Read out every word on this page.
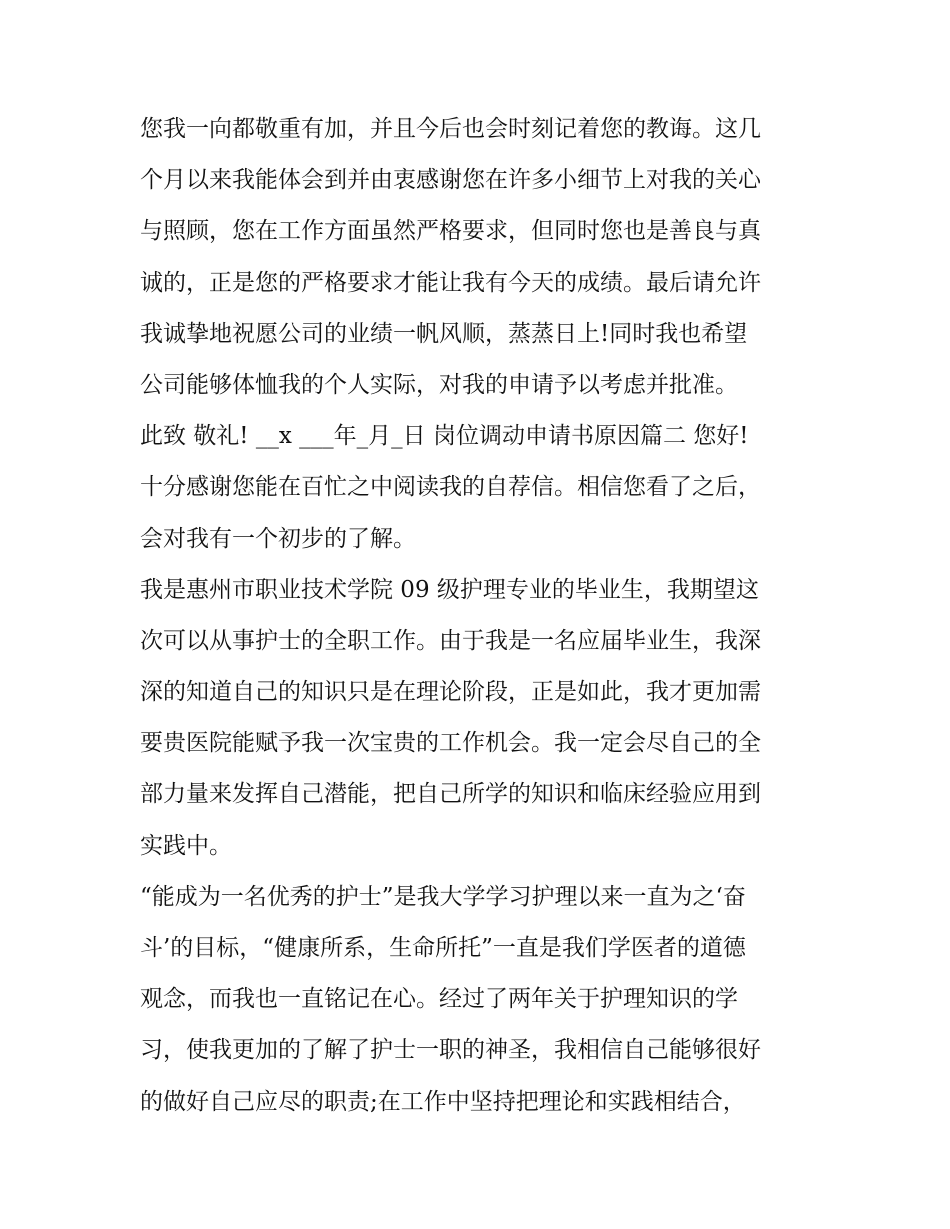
您我一向都敬重有加，并且今后也会时刻记着您的教诲。这几
个月以来我能体会到并由衷感谢您在许多小细节上对我的关心
与照顾，您在工作方面虽然严格要求，但同时您也是善良与真
诚的，正是您的严格要求才能让我有今天的成绩。最后请允许
我诚挚地祝愿公司的业绩一帆风顺，蒸蒸日上!同时我也希望
公司能够体恤我的个人实际，对我的申请予以考虑并批准。
此致 敬礼! __x ___年_月_日 岗位调动申请书原因篇二 您好!
十分感谢您能在百忙之中阅读我的自荐信。相信您看了之后，
会对我有一个初步的了解。
我是惠州市职业技术学院 09 级护理专业的毕业生，我期望这
次可以从事护士的全职工作。由于我是一名应届毕业生，我深
深的知道自己的知识只是在理论阶段，正是如此，我才更加需
要贵医院能赋予我一次宝贵的工作机会。我一定会尽自己的全
部力量来发挥自己潜能，把自己所学的知识和临床经验应用到
实践中。
“能成为一名优秀的护士”是我大学学习护理以来一直为之‘奋
斗’的目标，“健康所系，生命所托”一直是我们学医者的道德
观念，而我也一直铭记在心。经过了两年关于护理知识的学
习，使我更加的了解了护士一职的神圣，我相信自己能够很好
的做好自己应尽的职责;在工作中坚持把理论和实践相结合，
